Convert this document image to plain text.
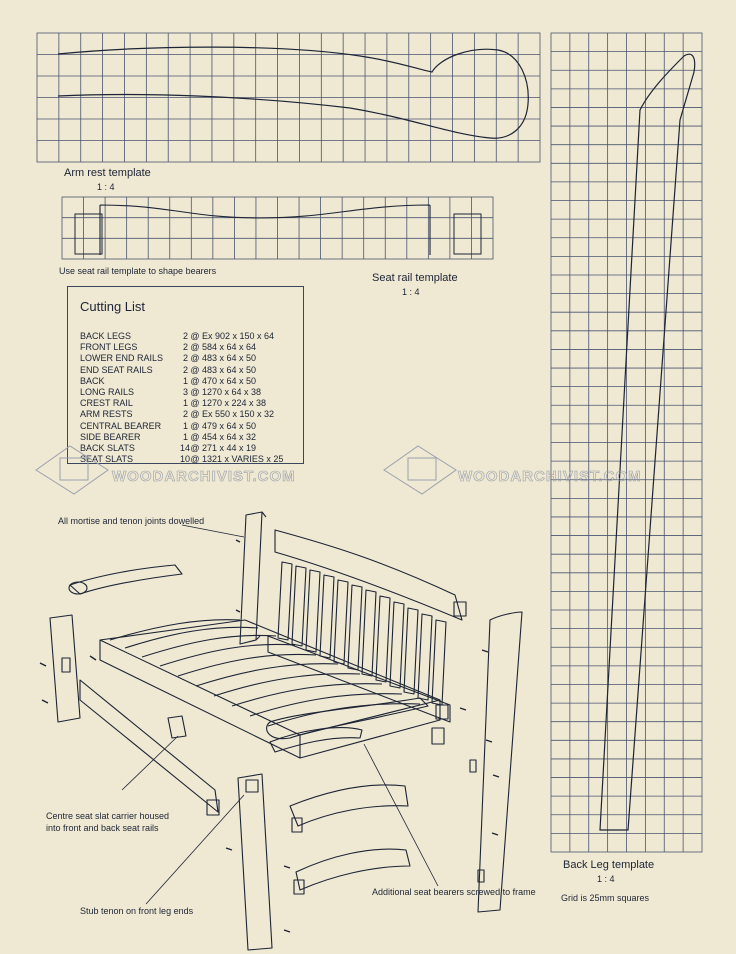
Arm rest template
1 : 4
Use seat rail template to shape bearers
Seat rail template
1 : 4
Back Leg template
1 : 4
Grid is 25mm squares
Cutting List
BACK LEGS	2 @ Ex 902 x 150 x 64
FRONT LEGS	2 @ 584 x 64 x 64
LOWER END RAILS	2 @ 483 x 64 x 50
END SEAT RAILS	2 @ 483 x 64 x 50
BACK	1 @ 470 x 64 x 50
LONG RAILS	3 @ 1270 x 64 x 38
CREST RAIL	1 @ 1270 x 224 x 38
ARM RESTS	2 @ Ex 550 x 150 x 32
CENTRAL BEARER	1 @ 479 x 64 x 50
SIDE BEARER	1 @ 454 x 64 x 32
BACK SLATS	14 @ 271 x 44 x 19
SEAT SLATS	10 @ 1321 x VARIES x 25
WOODARCHIVIST.COM	WOODARCHIVIST.COM
All mortise and tenon joints dowelled
Centre seat slat carrier housed
into front and back seat rails
Stub tenon on front leg ends
Additional seat bearers screwed to frame
